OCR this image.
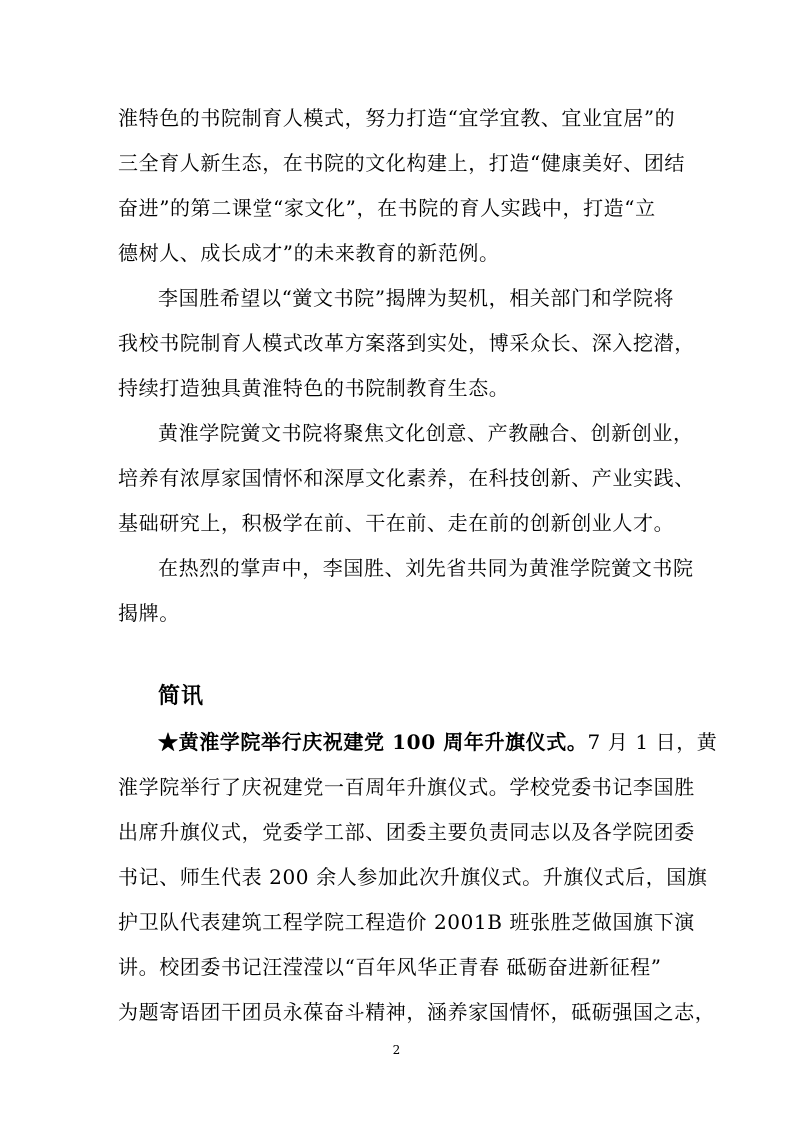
淮特色的书院制育人模式，努力打造“宜学宜教、宜业宜居”的
三全育人新生态，在书院的文化构建上，打造“健康美好、团结
奋进”的第二课堂“家文化”，在书院的育人实践中，打造“立
德树人、成长成才”的未来教育的新范例。
李国胜希望以“黉文书院”揭牌为契机，相关部门和学院将
我校书院制育人模式改革方案落到实处，博采众长、深入挖潜，
持续打造独具黄淮特色的书院制教育生态。
黄淮学院黉文书院将聚焦文化创意、产教融合、创新创业，
培养有浓厚家国情怀和深厚文化素养，在科技创新、产业实践、
基础研究上，积极学在前、干在前、走在前的创新创业人才。
在热烈的掌声中，李国胜、刘先省共同为黄淮学院黉文书院
揭牌。
简讯
★黄淮学院举行庆祝建党 100 周年升旗仪式。7 月 1 日，黄
淮学院举行了庆祝建党一百周年升旗仪式。学校党委书记李国胜
出席升旗仪式，党委学工部、团委主要负责同志以及各学院团委
书记、师生代表 200 余人参加此次升旗仪式。升旗仪式后，国旗
护卫队代表建筑工程学院工程造价 2001B 班张胜芝做国旗下演
讲。校团委书记汪滢滢以“百年风华正青春 砥砺奋进新征程”
为题寄语团干团员永葆奋斗精神，涵养家国情怀，砥砺强国之志，
2
